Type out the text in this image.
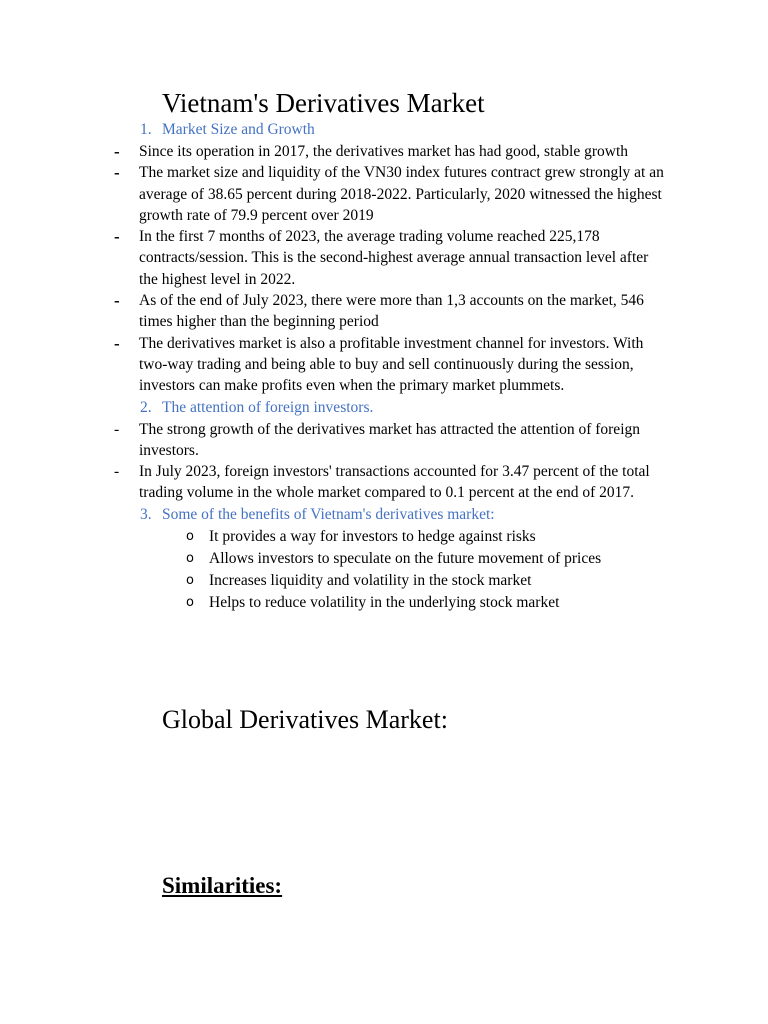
Vietnam's Derivatives Market
1. Market Size and Growth
-	Since its operation in 2017, the derivatives market has had good, stable growth
-	The market size and liquidity of the VN30 index futures contract grew strongly at an average of 38.65 percent during 2018-2022. Particularly, 2020 witnessed the highest growth rate of 79.9 percent over 2019
-	In the first 7 months of 2023, the average trading volume reached 225,178 contracts/session. This is the second-highest average annual transaction level after the highest level in 2022.
-	As of the end of July 2023, there were more than 1,3 accounts on the market, 546 times higher than the beginning period
-	The derivatives market is also a profitable investment channel for investors. With two-way trading and being able to buy and sell continuously during the session, investors can make profits even when the primary market plummets.
2. The attention of foreign investors.
-	The strong growth of the derivatives market has attracted the attention of foreign investors.
-	In July 2023, foreign investors' transactions accounted for 3.47 percent of the total trading volume in the whole market compared to 0.1 percent at the end of 2017.
3. Some of the benefits of Vietnam's derivatives market:
o It provides a way for investors to hedge against risks
o Allows investors to speculate on the future movement of prices
o Increases liquidity and volatility in the stock market
o Helps to reduce volatility in the underlying stock market
Global Derivatives Market:
Similarities:
